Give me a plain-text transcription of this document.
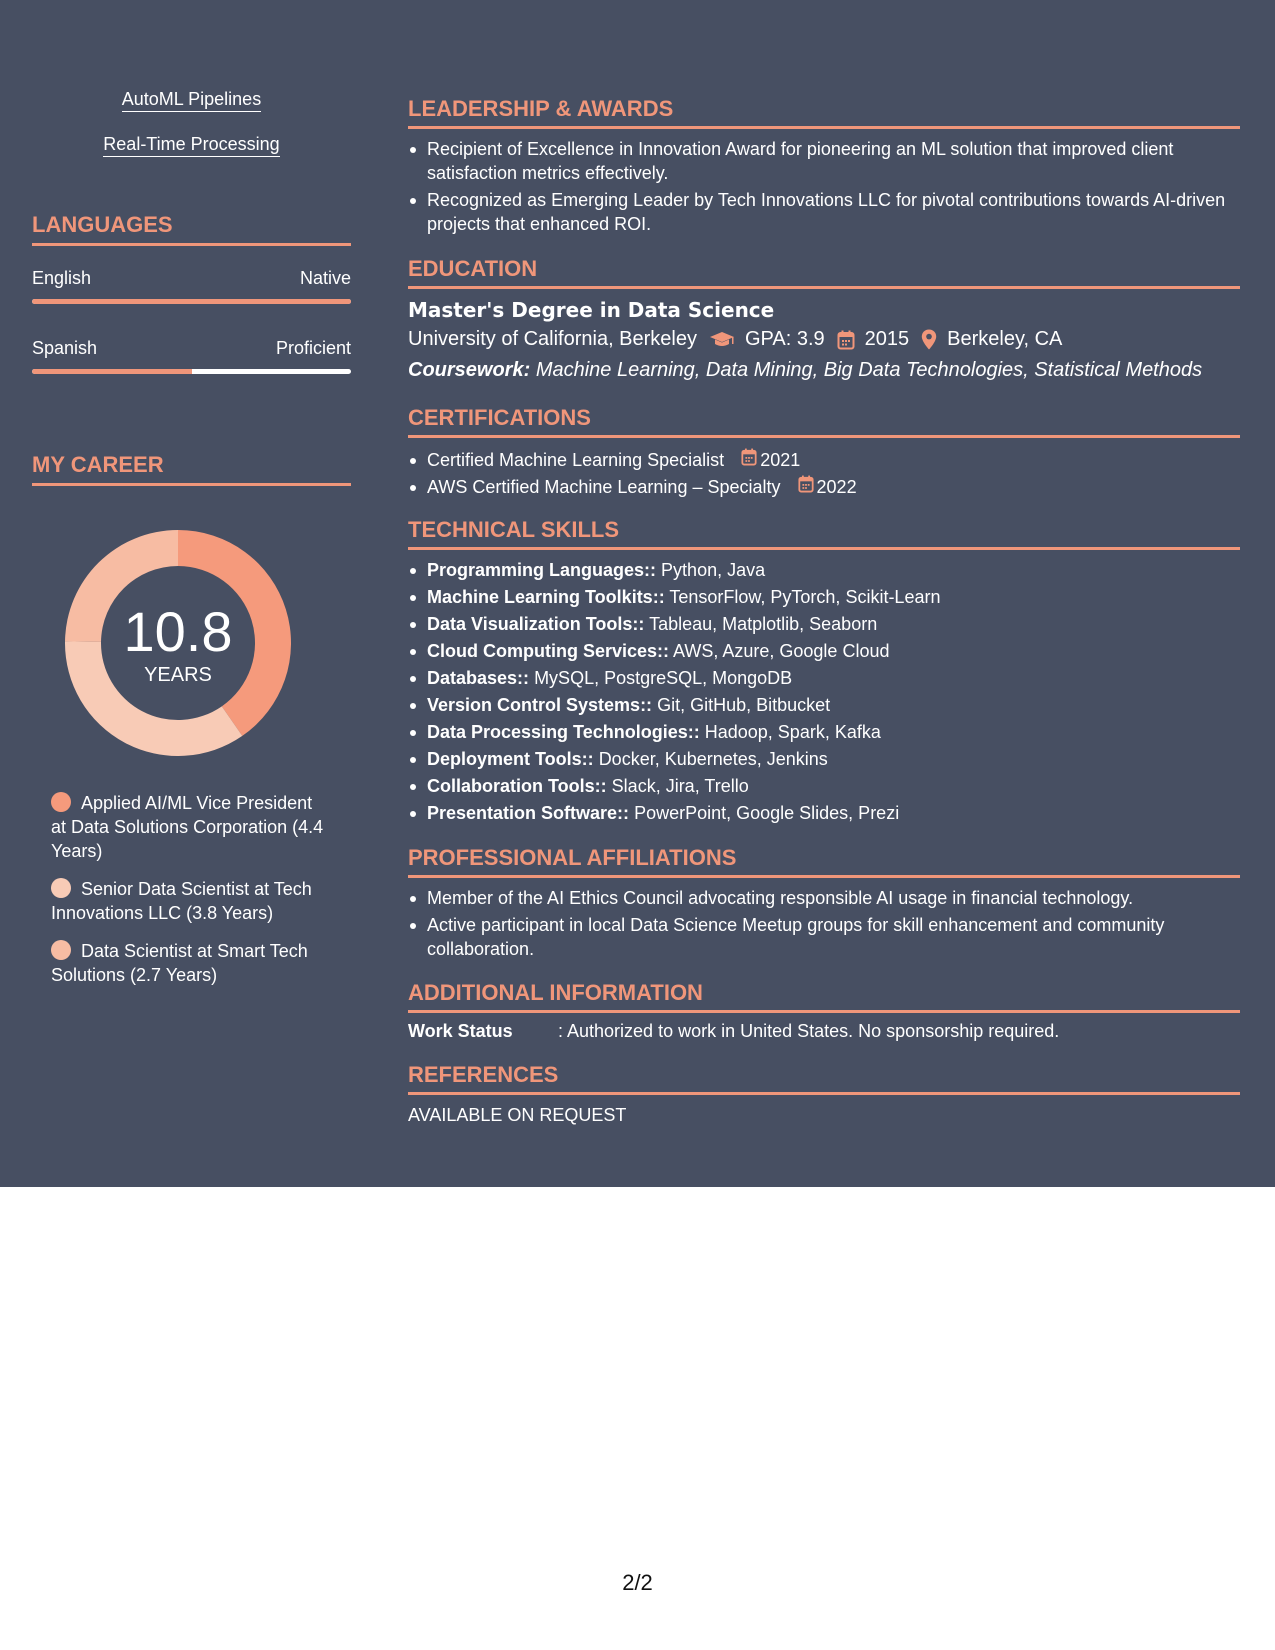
AutoML Pipelines
Real-Time Processing
LANGUAGES
English	Native
Spanish	Proficient
MY CAREER
10.8
YEARS
Applied AI/ML Vice President at Data Solutions Corporation (4.4 Years)
Senior Data Scientist at Tech Innovations LLC (3.8 Years)
Data Scientist at Smart Tech Solutions (2.7 Years)
LEADERSHIP & AWARDS
Recipient of Excellence in Innovation Award for pioneering an ML solution that improved client satisfaction metrics effectively.
Recognized as Emerging Leader by Tech Innovations LLC for pivotal contributions towards AI-driven projects that enhanced ROI.
EDUCATION
Master's Degree in Data Science
University of California, Berkeley GPA: 3.9 2015 Berkeley, CA
Coursework: Machine Learning, Data Mining, Big Data Technologies, Statistical Methods
CERTIFICATIONS
Certified Machine Learning Specialist 2021
AWS Certified Machine Learning – Specialty 2022
TECHNICAL SKILLS
Programming Languages:: Python, Java
Machine Learning Toolkits:: TensorFlow, PyTorch, Scikit-Learn
Data Visualization Tools:: Tableau, Matplotlib, Seaborn
Cloud Computing Services:: AWS, Azure, Google Cloud
Databases:: MySQL, PostgreSQL, MongoDB
Version Control Systems:: Git, GitHub, Bitbucket
Data Processing Technologies:: Hadoop, Spark, Kafka
Deployment Tools:: Docker, Kubernetes, Jenkins
Collaboration Tools:: Slack, Jira, Trello
Presentation Software:: PowerPoint, Google Slides, Prezi
PROFESSIONAL AFFILIATIONS
Member of the AI Ethics Council advocating responsible AI usage in financial technology.
Active participant in local Data Science Meetup groups for skill enhancement and community collaboration.
ADDITIONAL INFORMATION
Work Status	: Authorized to work in United States. No sponsorship required.
REFERENCES
AVAILABLE ON REQUEST
2/2
